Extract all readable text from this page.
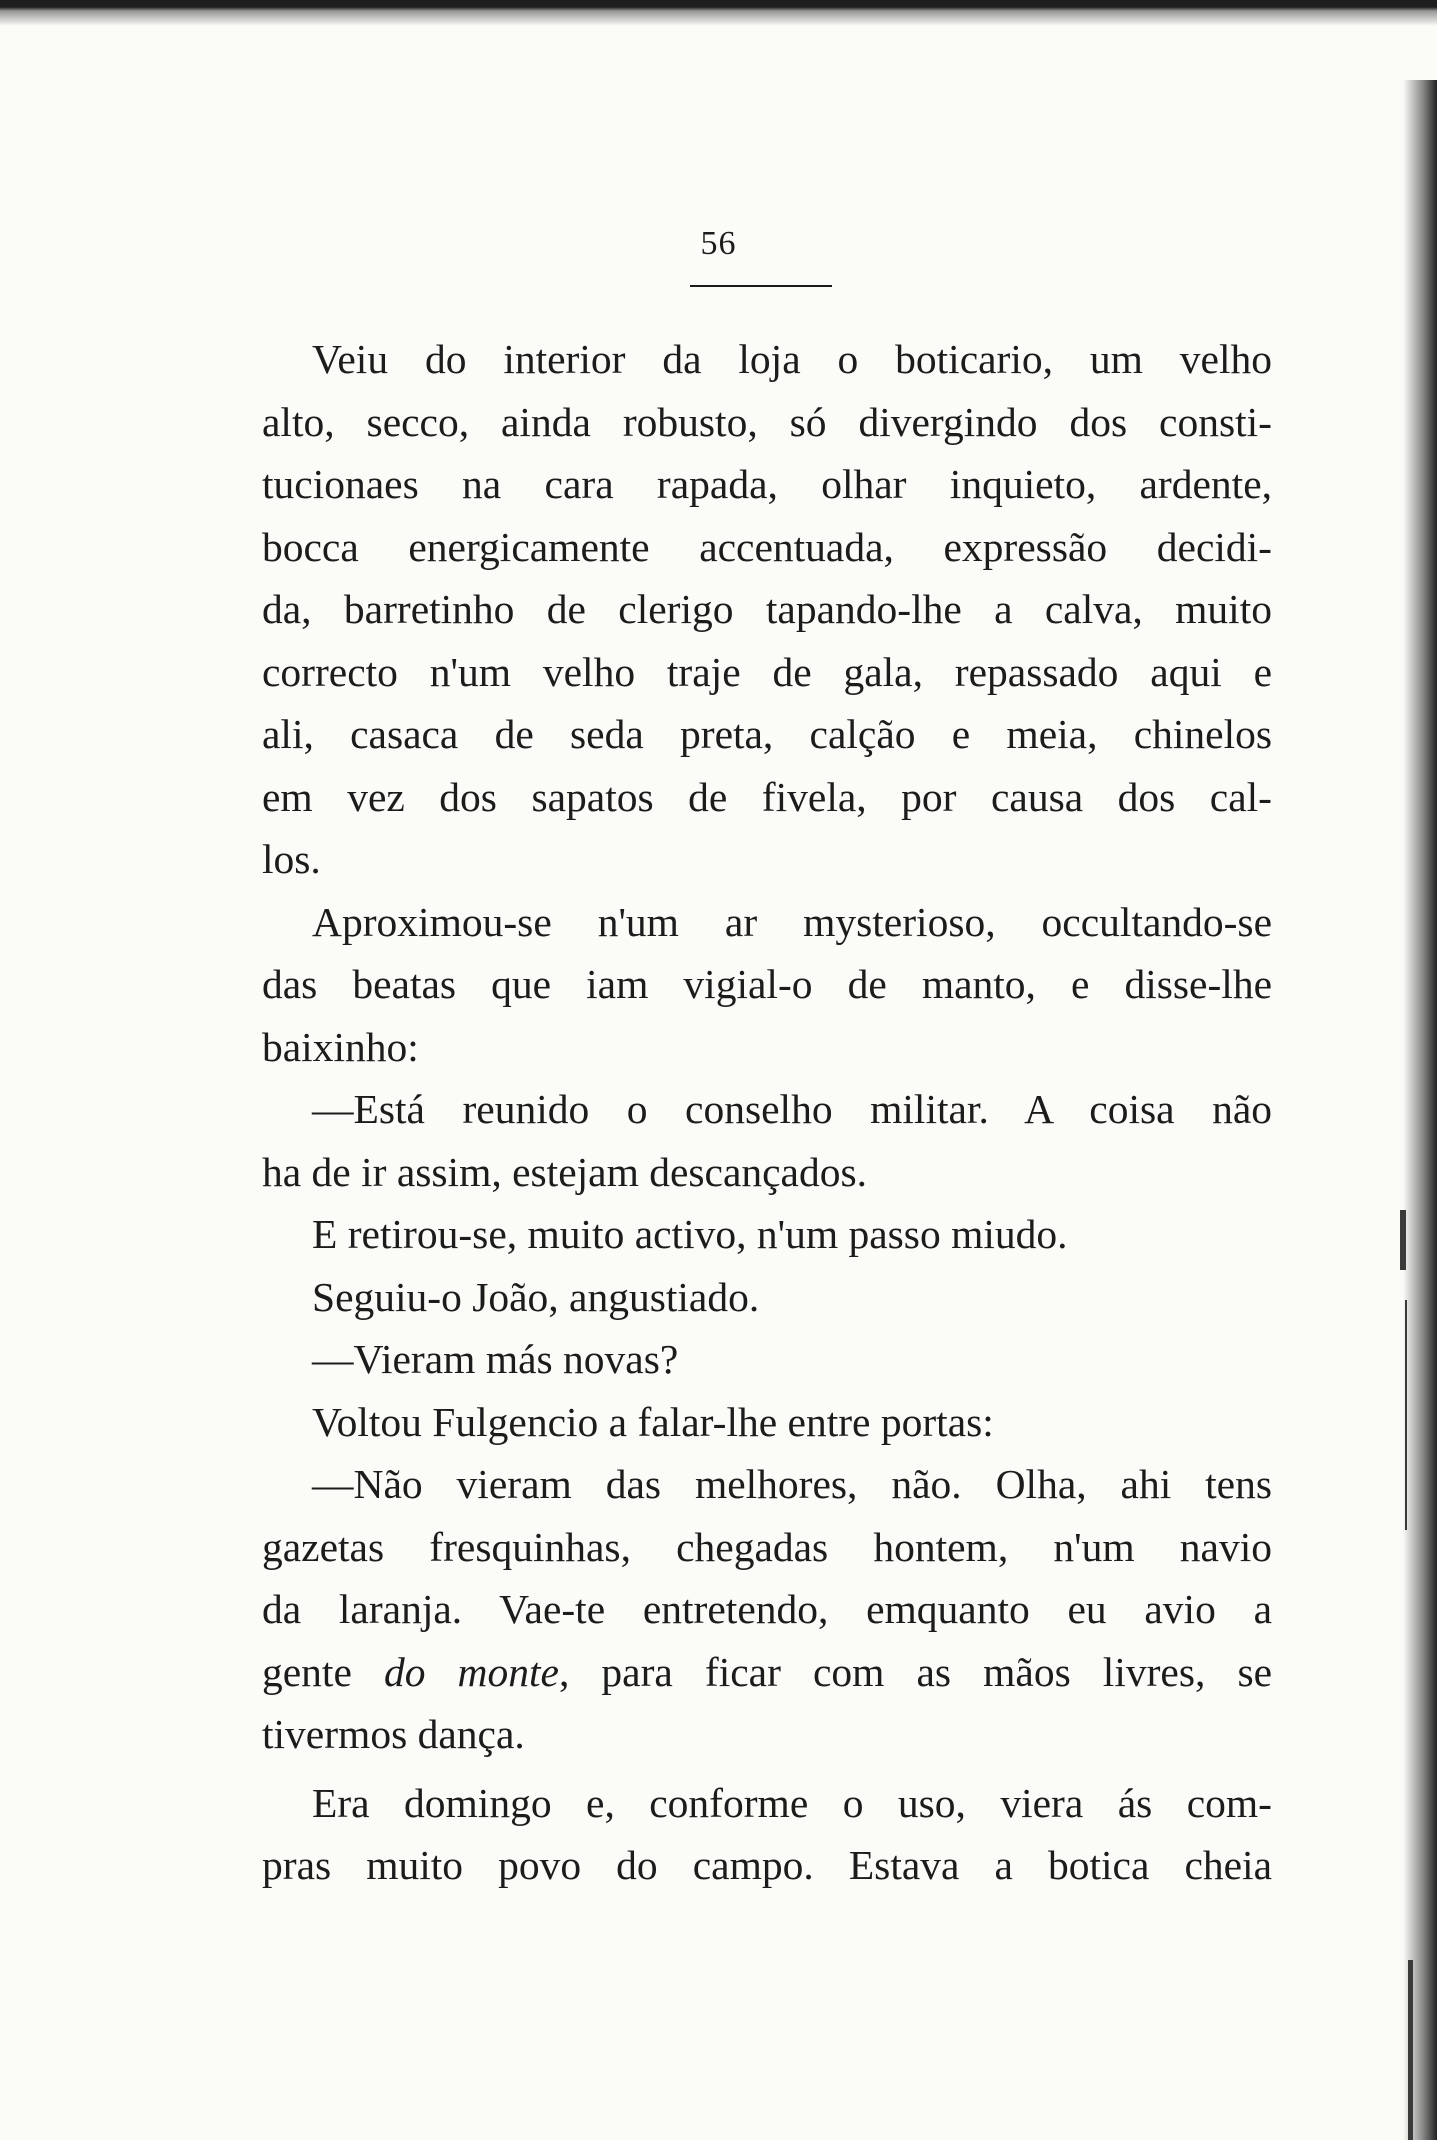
56
Veiu do interior da loja o boticario, um velho
alto, secco, ainda robusto, só divergindo dos consti-
tucionaes na cara rapada, olhar inquieto, ardente,
bocca energicamente accentuada, expressão decidi-
da, barretinho de clerigo tapando-lhe a calva, muito
correcto n'um velho traje de gala, repassado aqui e
ali, casaca de seda preta, calção e meia, chinelos
em vez dos sapatos de fivela, por causa dos cal-
los.
Aproximou-se n'um ar mysterioso, occultando-se
das beatas que iam vigial-o de manto, e disse-lhe
baixinho:
—Está reunido o conselho militar. A coisa não
ha de ir assim, estejam descançados.
E retirou-se, muito activo, n'um passo miudo.
Seguiu-o João, angustiado.
—Vieram más novas?
Voltou Fulgencio a falar-lhe entre portas:
—Não vieram das melhores, não. Olha, ahi tens
gazetas fresquinhas, chegadas hontem, n'um navio
da laranja. Vae-te entretendo, emquanto eu avio a
gente do monte, para ficar com as mãos livres, se
tivermos dança.
Era domingo e, conforme o uso, viera ás com-
pras muito povo do campo. Estava a botica cheia
